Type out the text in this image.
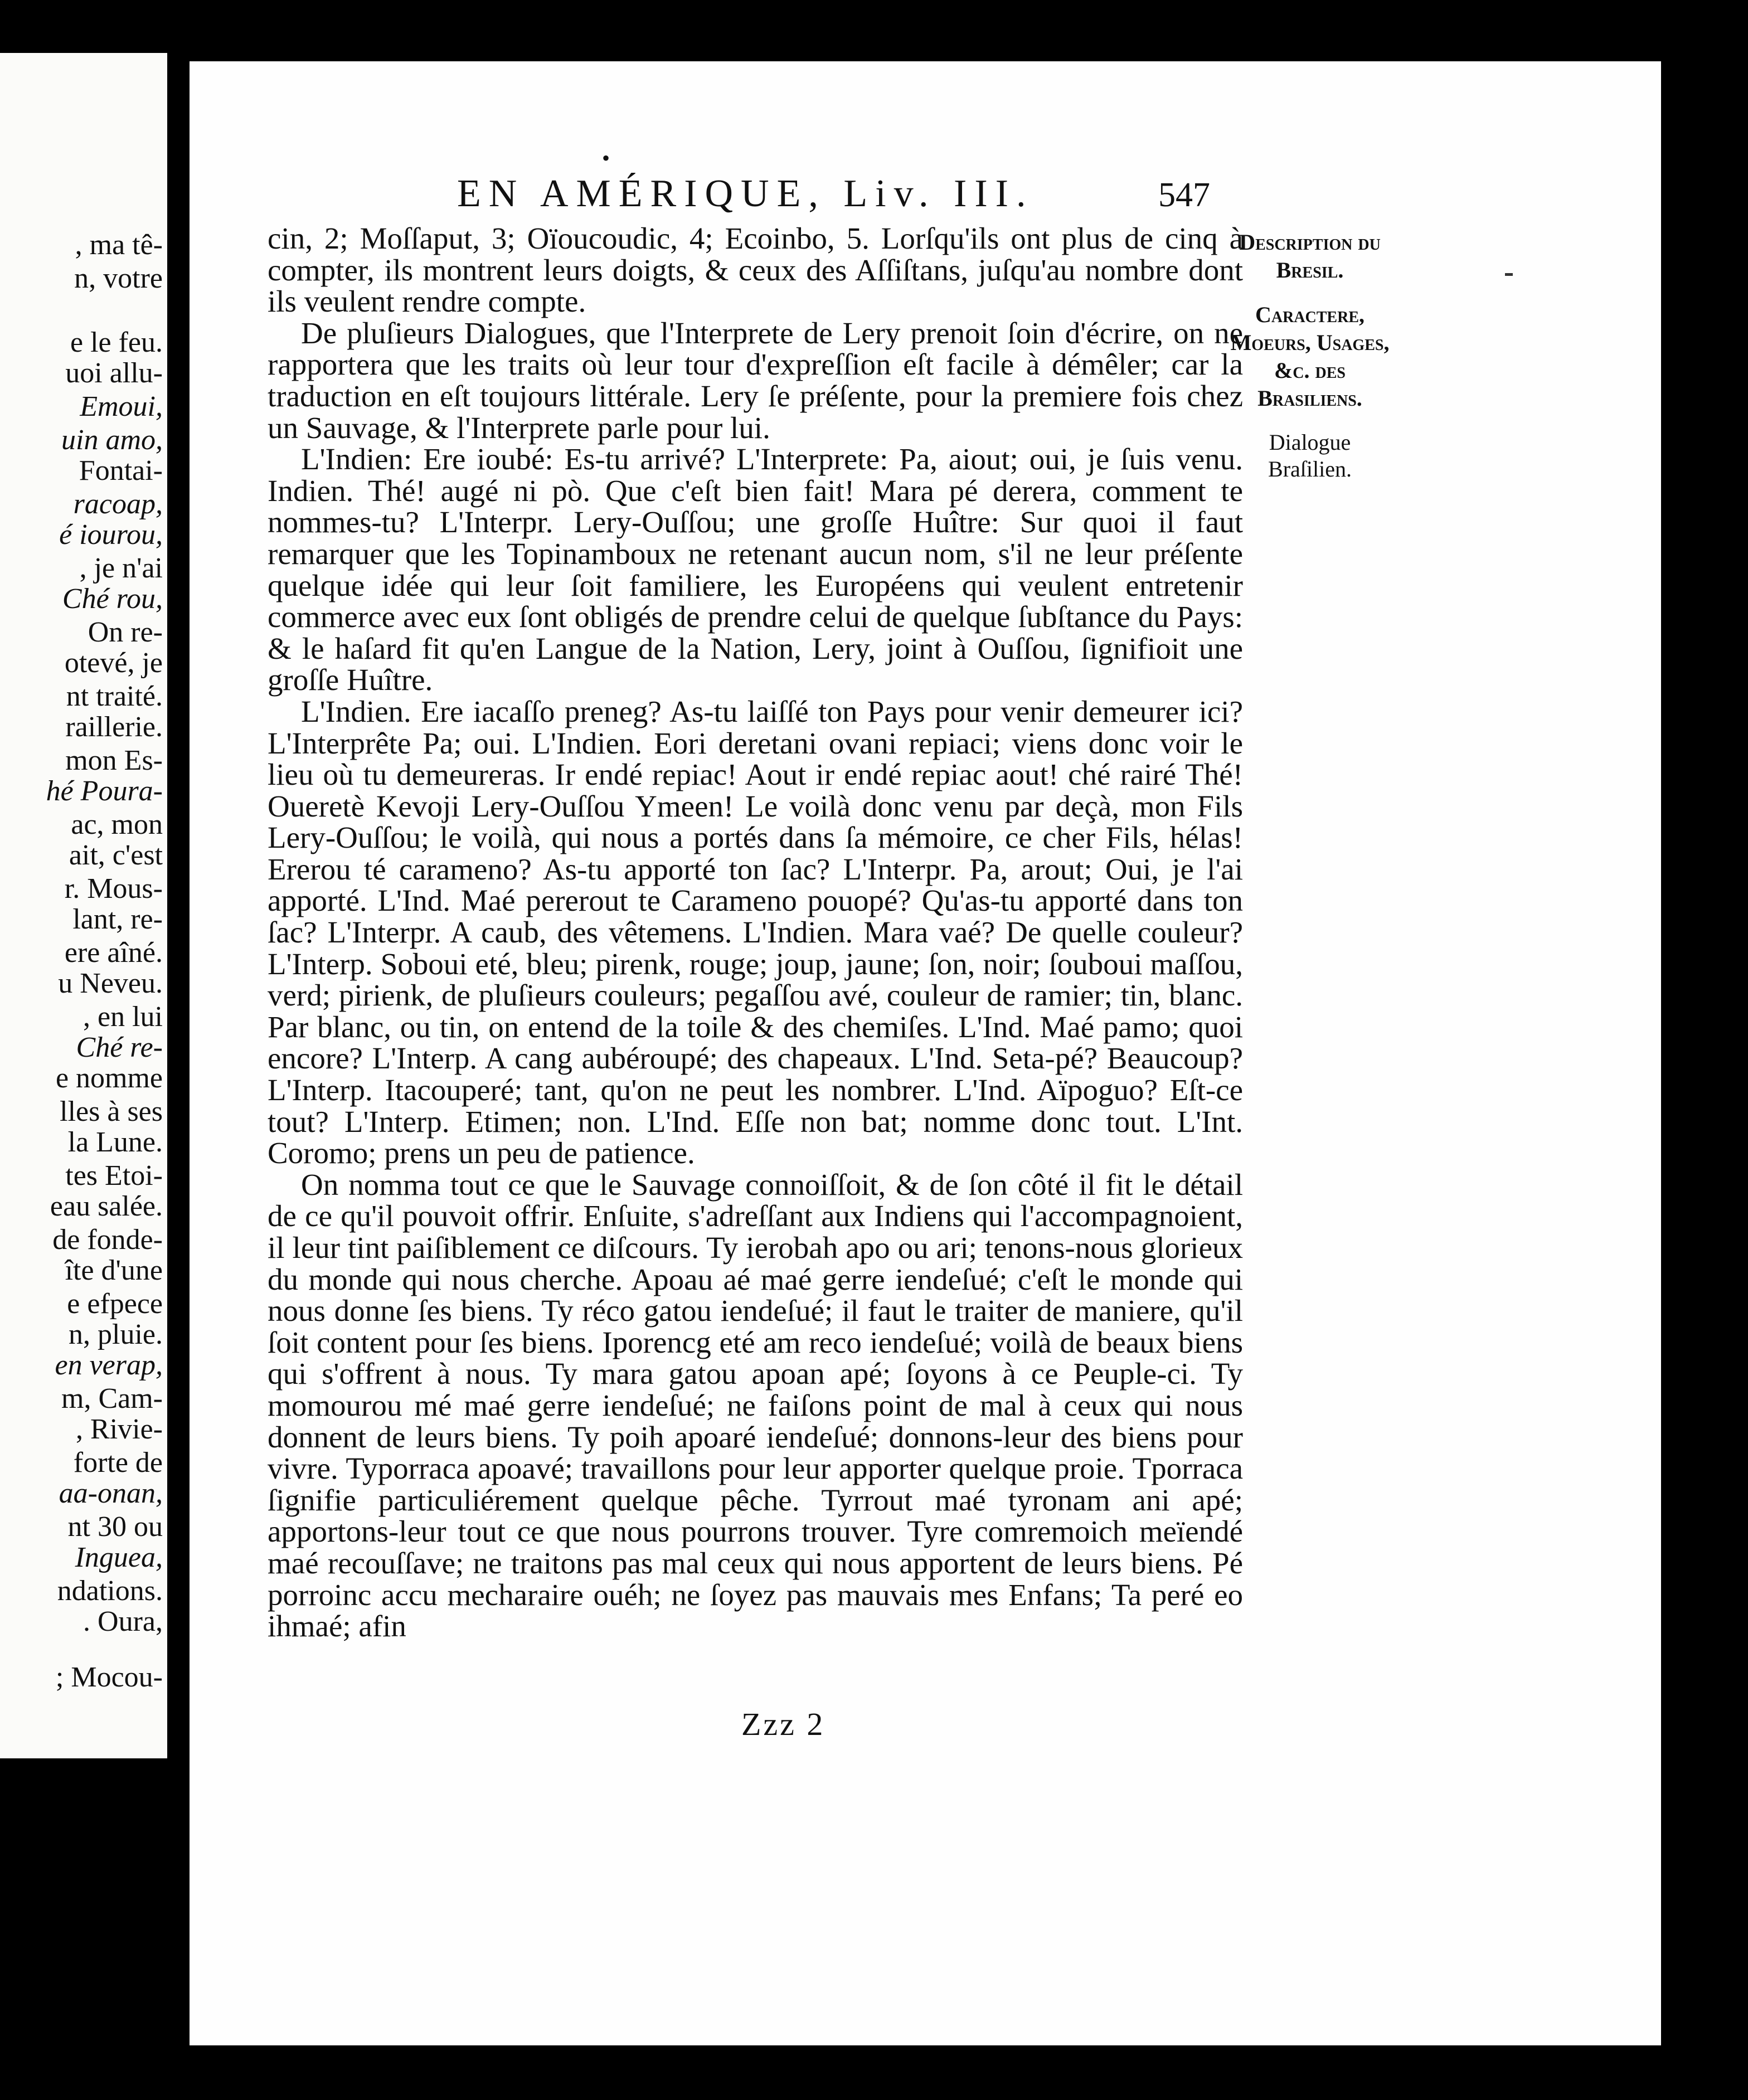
, ma tê-
n, votre
e le feu.
uoi allu-
Emoui,
uin amo,
Fontai-
racoap,
é iourou,
, je n'ai
Ché rou,
On re-
otevé, je
nt traité.
raillerie.
mon Es-
hé Poura-
ac, mon
ait, c'est
r. Mous-
lant, re-
ere aîné.
u Neveu.
, en lui
Ché re-
e nomme
lles à ses
la Lune.
tes Etoi-
eau salée.
de fonde-
îte d'une
e efpece
n, pluie.
en verap,
m, Cam-
, Rivie-
forte de
aa-onan,
nt 30 ou
Inguea,
ndations.
. Oura,
; Mocou-
•
EN AMÉRIQUE, Liv. III.	547

cin, 2; Moſſaput, 3; Oïoucoudic, 4; Ecoinbo, 5. Lorſqu'ils ont plus de cinq à compter, ils montrent leurs doigts, & ceux des Aſſiſtans, juſqu'au nombre dont ils veulent rendre compte.

De pluſieurs Dialogues, que l'Interprete de Lery prenoit ſoin d'écrire, on ne rapportera que les traits où leur tour d'expreſſion eſt facile à démêler; car la traduction en eſt toujours littérale. Lery ſe préſente, pour la premiere fois chez un Sauvage, & l'Interprete parle pour lui.

L'Indien: Ere ioubé: Es-tu arrivé? L'Interprete: Pa, aiout; oui, je ſuis venu. Indien. Thé! augé ni pò. Que c'eſt bien fait! Mara pé derera, comment te nommes-tu? L'Interpr. Lery-Ouſſou; une groſſe Huître: Sur quoi il faut remarquer que les Topinamboux ne retenant aucun nom, s'il ne leur préſente quelque idée qui leur ſoit familiere, les Européens qui veulent entretenir commerce avec eux ſont obligés de prendre celui de quelque ſubſtance du Pays: & le haſard fit qu'en Langue de la Nation, Lery, joint à Ouſſou, ſignifioit une groſſe Huître.

L'Indien. Ere iacaſſo preneg? As-tu laiſſé ton Pays pour venir demeurer ici? L'Interprête Pa; oui. L'Indien. Eori deretani ovani repiaci; viens donc voir le lieu où tu demeureras. Ir endé repiac! Aout ir endé repiac aout! ché rairé Thé! Oueretè Kevoji Lery-Ouſſou Ymeen! Le voilà donc venu par deçà, mon Fils Lery-Ouſſou; le voilà, qui nous a portés dans ſa mémoire, ce cher Fils, hélas! Ererou té carameno? As-tu apporté ton ſac? L'Interpr. Pa, arout; Oui, je l'ai apporté. L'Ind. Maé pererout te Carameno pouopé? Qu'as-tu apporté dans ton ſac? L'Interpr. A caub, des vêtemens. L'Indien. Mara vaé? De quelle couleur? L'Interp. Soboui eté, bleu; pirenk, rouge; joup, jaune; ſon, noir; ſouboui maſſou, verd; pirienk, de pluſieurs couleurs; pegaſſou avé, couleur de ramier; tin, blanc. Par blanc, ou tin, on entend de la toile & des chemiſes. L'Ind. Maé pamo; quoi encore? L'Interp. A cang aubéroupé; des chapeaux. L'Ind. Seta-pé? Beaucoup? L'Interp. Itacouperé; tant, qu'on ne peut les nombrer. L'Ind. Aïpoguo? Eſt-ce tout? L'Interp. Etimen; non. L'Ind. Eſſe non bat; nomme donc tout. L'Int. Coromo; prens un peu de patience.

On nomma tout ce que le Sauvage connoiſſoit, & de ſon côté il fit le détail de ce qu'il pouvoit offrir. Enſuite, s'adreſſant aux Indiens qui l'accompagnoient, il leur tint paiſiblement ce diſcours. Ty ierobah apo ou ari; tenons-nous glorieux du monde qui nous cherche. Apoau aé maé gerre iendeſué; c'eſt le monde qui nous donne ſes biens. Ty réco gatou iendeſué; il faut le traiter de maniere, qu'il ſoit content pour ſes biens. Iporencg eté am reco iendeſué; voilà de beaux biens qui s'offrent à nous. Ty mara gatou apoan apé; ſoyons à ce Peuple-ci. Ty momourou mé maé gerre iendeſué; ne faiſons point de mal à ceux qui nous donnent de leurs biens. Ty poih apoaré iendeſué; donnons-leur des biens pour vivre. Typorraca apoavé; travaillons pour leur apporter quelque proie. Tporraca ſignifie particuliérement quelque pêche. Tyrrout maé tyronam ani apé; apportons-leur tout ce que nous pourrons trouver. Tyre comremoich meïendé maé recouſſave; ne traitons pas mal ceux qui nous apportent de leurs biens. Pé porroinc accu mecharaire ouéh; ne ſoyez pas mauvais mes Enfans; Ta peré eo ihmaé; afin

Description du Bresil.
Caractere, Moeurs, Usages, &c. des Brasiliens.
Dialogue Braſilien.
Zzz 2
